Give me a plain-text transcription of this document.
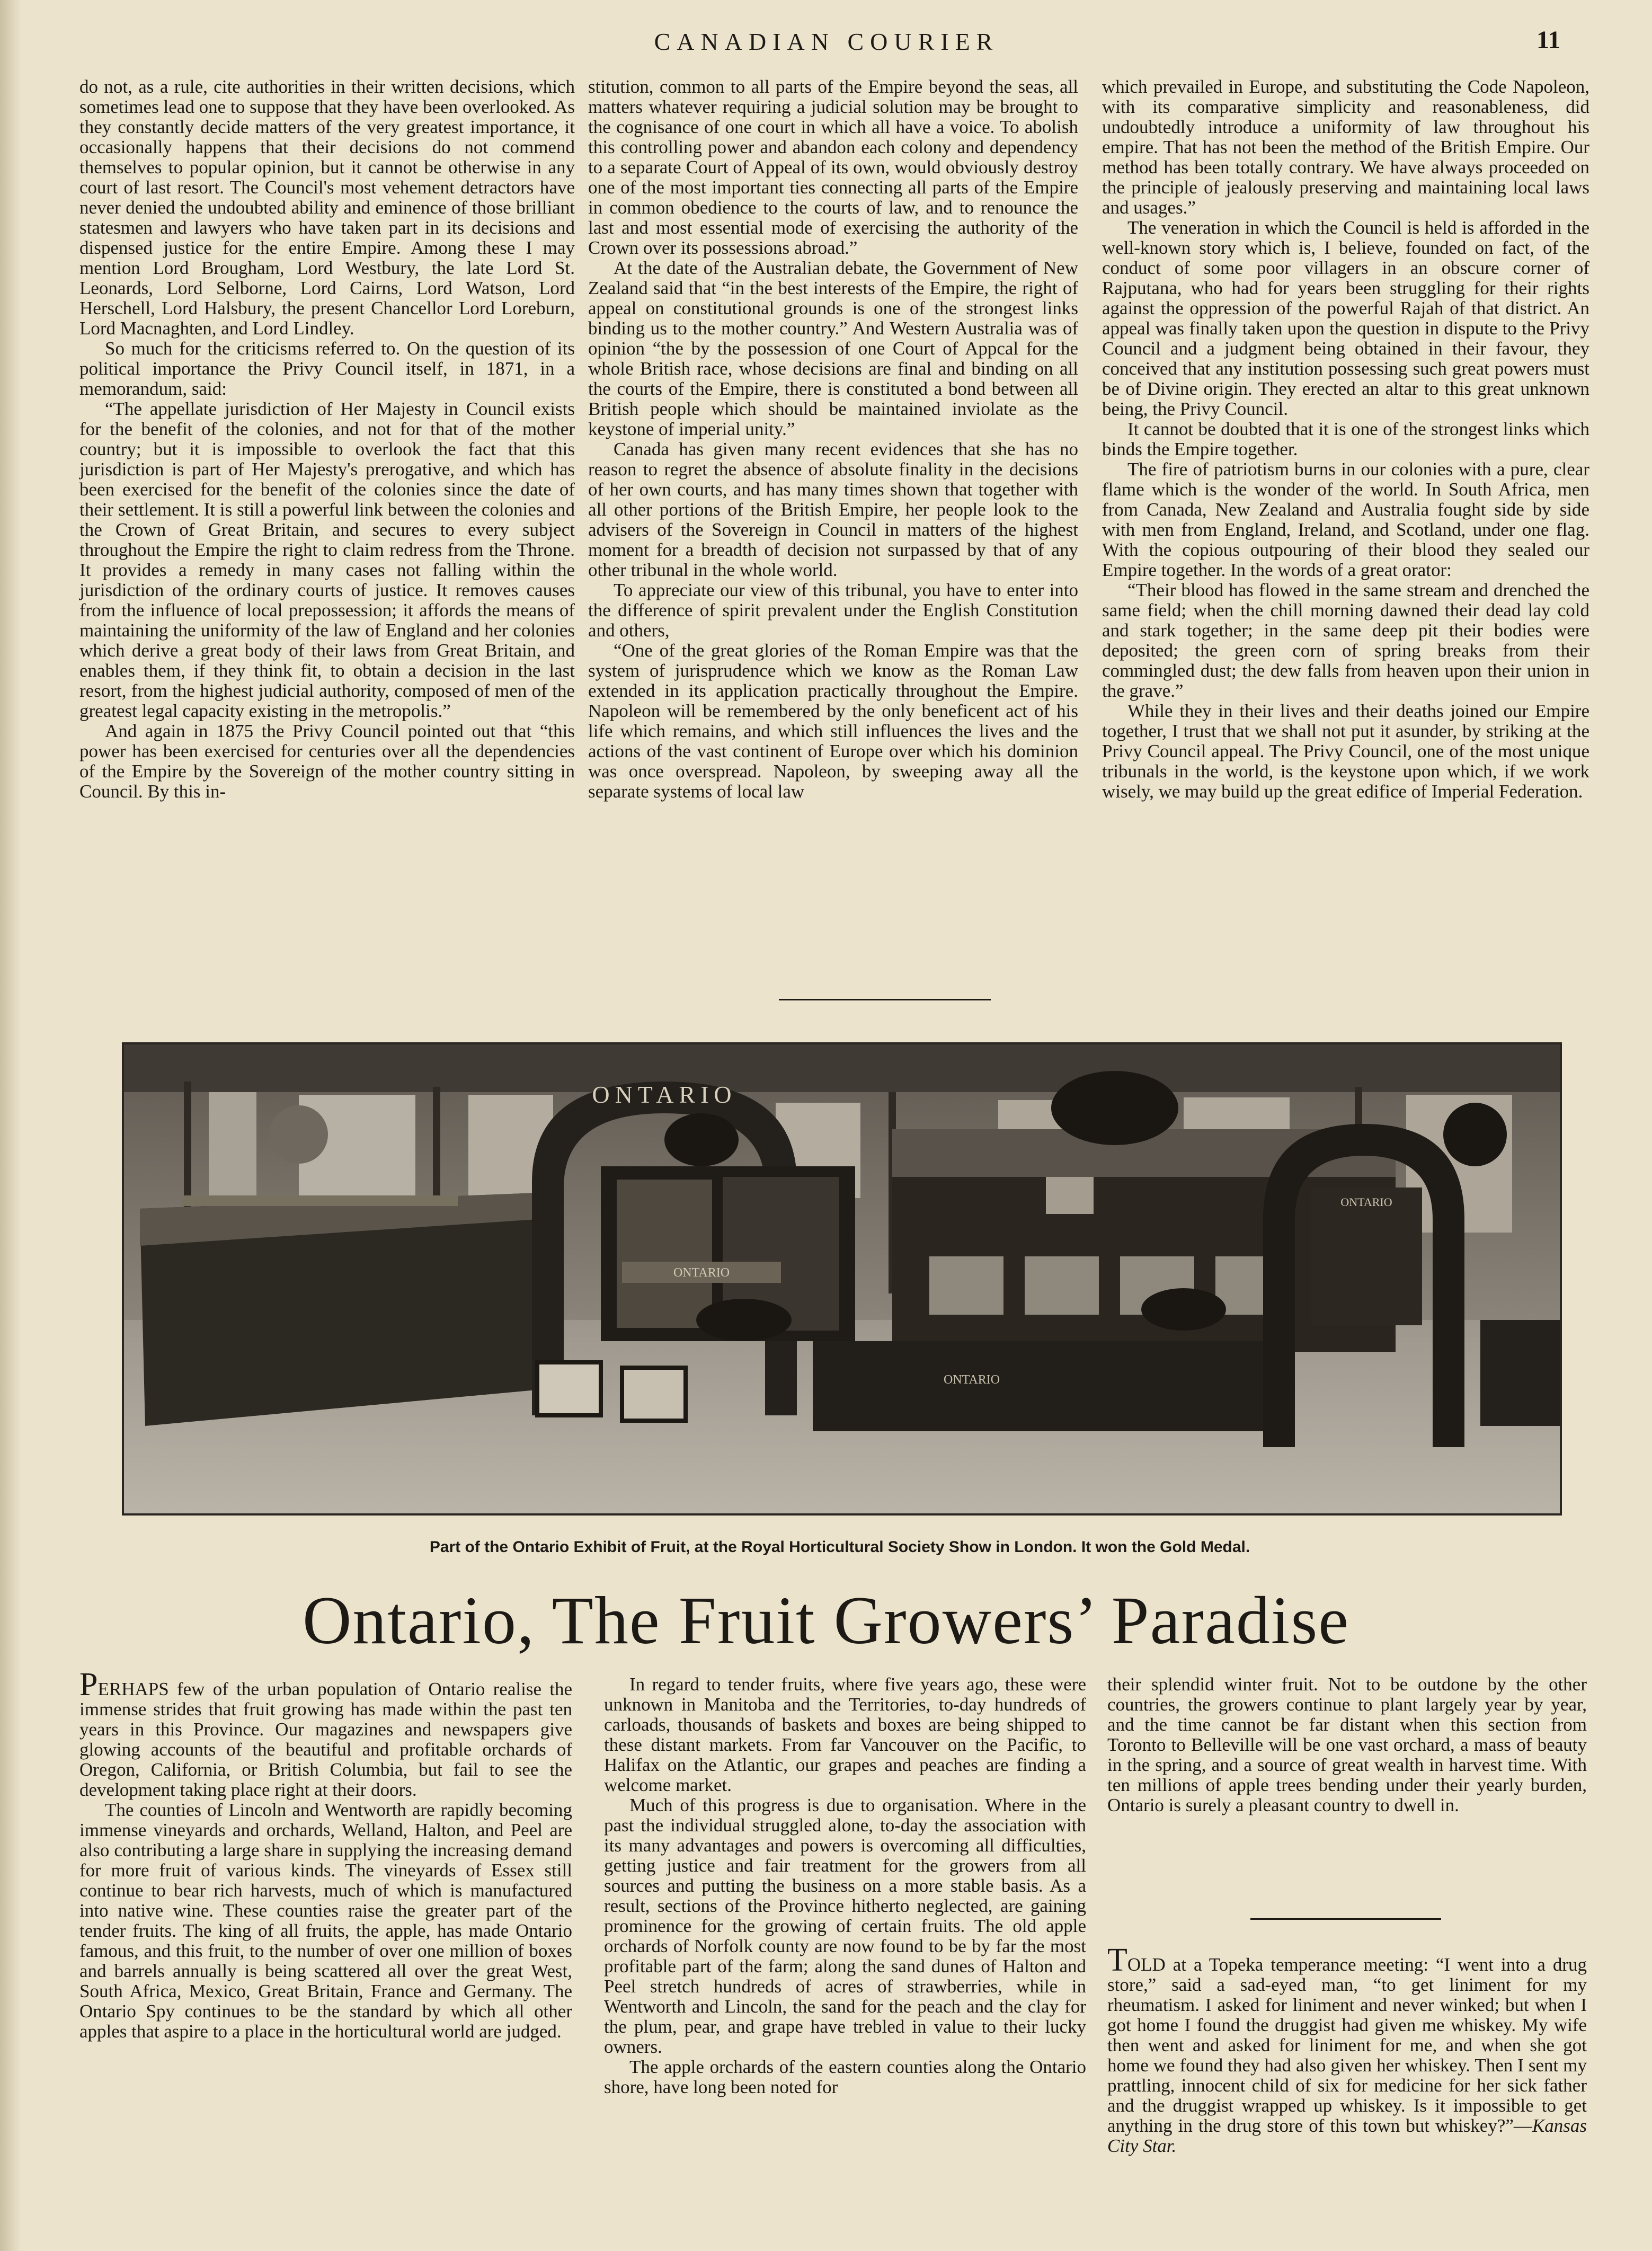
CANADIAN COURIER	11

do not, as a rule, cite authorities in their written decisions, which sometimes lead one to suppose that they have been overlooked. As they constantly decide matters of the very greatest importance, it occasionally happens that their decisions do not commend themselves to popular opinion, but it cannot be otherwise in any court of last resort. The Council's most vehement detractors have never denied the undoubted ability and eminence of those brilliant statesmen and lawyers who have taken part in its decisions and dispensed justice for the entire Empire. Among these I may mention Lord Brougham, Lord Westbury, the late Lord St. Leonards, Lord Selborne, Lord Cairns, Lord Watson, Lord Herschell, Lord Halsbury, the present Chancellor Lord Loreburn, Lord Macnaghten, and Lord Lindley.

So much for the criticisms referred to. On the question of its political importance the Privy Council itself, in 1871, in a memorandum, said:

“The appellate jurisdiction of Her Majesty in Council exists for the benefit of the colonies, and not for that of the mother country; but it is impossible to overlook the fact that this jurisdiction is part of Her Majesty's prerogative, and which has been exercised for the benefit of the colonies since the date of their settlement. It is still a powerful link between the colonies and the Crown of Great Britain, and secures to every subject throughout the Empire the right to claim redress from the Throne. It provides a remedy in many cases not falling within the jurisdiction of the ordinary courts of justice. It removes causes from the influence of local prepossession; it affords the means of maintaining the uniformity of the law of England and her colonies which derive a great body of their laws from Great Britain, and enables them, if they think fit, to obtain a decision in the last resort, from the highest judicial authority, composed of men of the greatest legal capacity existing in the metropolis.”

And again in 1875 the Privy Council pointed out that “this power has been exercised for centuries over all the dependencies of the Empire by the Sovereign of the mother country sitting in Council. By this in-

stitution, common to all parts of the Empire beyond the seas, all matters whatever requiring a judicial solution may be brought to the cognisance of one court in which all have a voice. To abolish this controlling power and abandon each colony and dependency to a separate Court of Appeal of its own, would obviously destroy one of the most important ties connecting all parts of the Empire in common obedience to the courts of law, and to renounce the last and most essential mode of exercising the authority of the Crown over its possessions abroad.”

At the date of the Australian debate, the Government of New Zealand said that “in the best interests of the Empire, the right of appeal on constitutional grounds is one of the strongest links binding us to the mother country.” And Western Australia was of opinion “the by the possession of one Court of Appcal for the whole British race, whose decisions are final and binding on all the courts of the Empire, there is constituted a bond between all British people which should be maintained inviolate as the keystone of imperial unity.”

Canada has given many recent evidences that she has no reason to regret the absence of absolute finality in the decisions of her own courts, and has many times shown that together with all other portions of the British Empire, her people look to the advisers of the Sovereign in Council in matters of the highest moment for a breadth of decision not surpassed by that of any other tribunal in the whole world.

To appreciate our view of this tribunal, you have to enter into the difference of spirit prevalent under the English Constitution and others,

“One of the great glories of the Roman Empire was that the system of jurisprudence which we know as the Roman Law extended in its application practically throughout the Empire. Napoleon will be remembered by the only beneficent act of his life which remains, and which still influences the lives and the actions of the vast continent of Europe over which his dominion was once overspread. Napoleon, by sweeping away all the separate systems of local law

which prevailed in Europe, and substituting the Code Napoleon, with its comparative simplicity and reasonableness, did undoubtedly introduce a uniformity of law throughout his empire. That has not been the method of the British Empire. Our method has been totally contrary. We have always proceeded on the principle of jealously preserving and maintaining local laws and usages.”

The veneration in which the Council is held is afforded in the well-known story which is, I believe, founded on fact, of the conduct of some poor villagers in an obscure corner of Rajputana, who had for years been struggling for their rights against the oppression of the powerful Rajah of that district. An appeal was finally taken upon the question in dispute to the Privy Council and a judgment being obtained in their favour, they conceived that any institution possessing such great powers must be of Divine origin. They erected an altar to this great unknown being, the Privy Council.

It cannot be doubted that it is one of the strongest links which binds the Empire together.

The fire of patriotism burns in our colonies with a pure, clear flame which is the wonder of the world. In South Africa, men from Canada, New Zealand and Australia fought side by side with men from England, Ireland, and Scotland, under one flag. With the copious outpouring of their blood they sealed our Empire together. In the words of a great orator:

“Their blood has flowed in the same stream and drenched the same field; when the chill morning dawned their dead lay cold and stark together; in the same deep pit their bodies were deposited; the green corn of spring breaks from their commingled dust; the dew falls from heaven upon their union in the grave.”

While they in their lives and their deaths joined our Empire together, I trust that we shall not put it asunder, by striking at the Privy Council appeal. The Privy Council, one of the most unique tribunals in the world, is the keystone upon which, if we work wisely, we may build up the great edifice of Imperial Federation.

ONTARIO
ONTARIO
ONTARIO
ONTARIO
Part of the Ontario Exhibit of Fruit, at the Royal Horticultural Society Show in London. It won the Gold Medal.
Ontario, The Fruit Growers’ Paradise

PERHAPS few of the urban population of Ontario realise the immense strides that fruit growing has made within the past ten years in this Province. Our magazines and newspapers give glowing accounts of the beautiful and profitable orchards of Oregon, California, or British Columbia, but fail to see the development taking place right at their doors.

The counties of Lincoln and Wentworth are rapidly becoming immense vineyards and orchards, Welland, Halton, and Peel are also contributing a large share in supplying the increasing demand for more fruit of various kinds. The vineyards of Essex still continue to bear rich harvests, much of which is manufactured into native wine. These counties raise the greater part of the tender fruits. The king of all fruits, the apple, has made Ontario famous, and this fruit, to the number of over one million of boxes and barrels annually is being scattered all over the great West, South Africa, Mexico, Great Britain, France and Germany. The Ontario Spy continues to be the standard by which all other apples that aspire to a place in the horticultural world are judged.

In regard to tender fruits, where five years ago, these were unknown in Manitoba and the Territories, to-day hundreds of carloads, thousands of baskets and boxes are being shipped to these distant markets. From far Vancouver on the Pacific, to Halifax on the Atlantic, our grapes and peaches are finding a welcome market.

Much of this progress is due to organisation. Where in the past the individual struggled alone, to-day the association with its many advantages and powers is overcoming all difficulties, getting justice and fair treatment for the growers from all sources and putting the business on a more stable basis. As a result, sections of the Province hitherto neglected, are gaining prominence for the growing of certain fruits. The old apple orchards of Norfolk county are now found to be by far the most profitable part of the farm; along the sand dunes of Halton and Peel stretch hundreds of acres of strawberries, while in Wentworth and Lincoln, the sand for the peach and the clay for the plum, pear, and grape have trebled in value to their lucky owners.

The apple orchards of the eastern counties along the Ontario shore, have long been noted for

their splendid winter fruit. Not to be outdone by the other countries, the growers continue to plant largely year by year, and the time cannot be far distant when this section from Toronto to Belleville will be one vast orchard, a mass of beauty in the spring, and a source of great wealth in harvest time. With ten millions of apple trees bending under their yearly burden, Ontario is surely a pleasant country to dwell in.

TOLD at a Topeka temperance meeting: “I went into a drug store,” said a sad-eyed man, “to get liniment for my rheumatism. I asked for liniment and never winked; but when I got home I found the druggist had given me whiskey. My wife then went and asked for liniment for me, and when she got home we found they had also given her whiskey. Then I sent my prattling, innocent child of six for medicine for her sick father and the druggist wrapped up whiskey. Is it impossible to get anything in the drug store of this town but whiskey?”—Kansas City Star.
